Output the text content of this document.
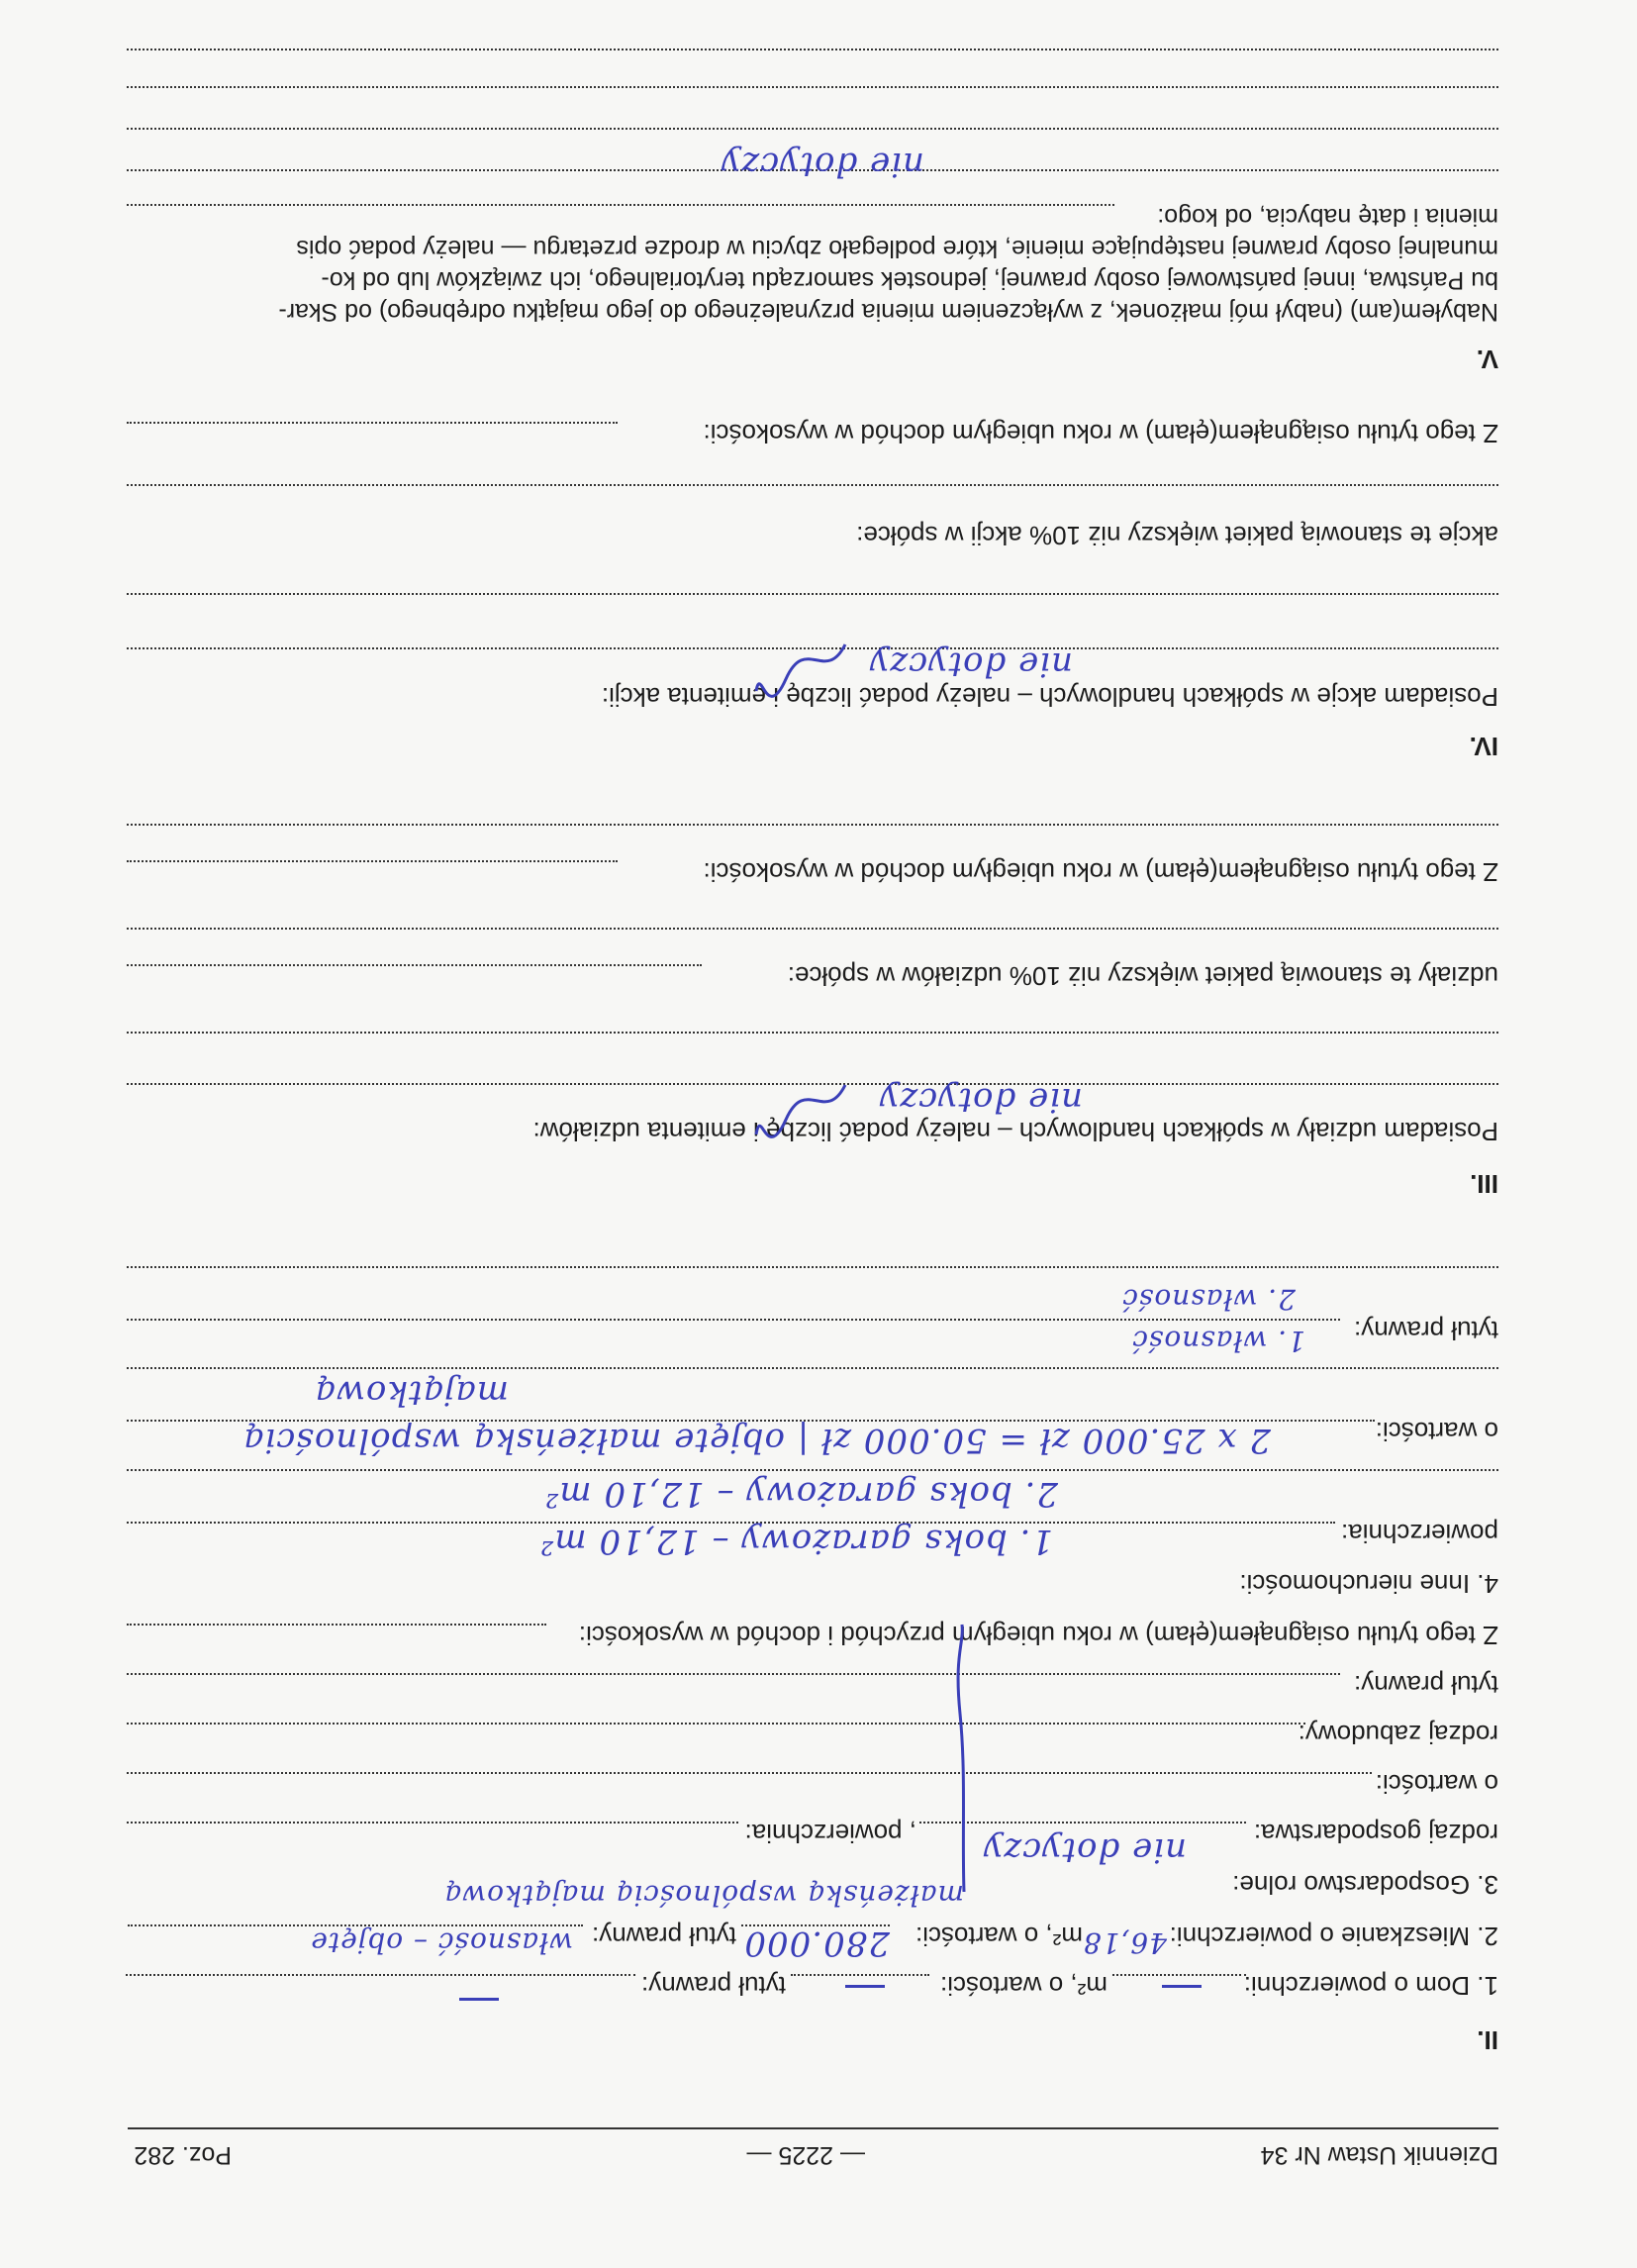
Dziennik Ustaw Nr 34
— 2225 —
Poz. 282
II.
1. Dom o powierzchni:
m², o wartości:
tytuł prawny:
2. Mieszkanie o powierzchni:
46,18
m², o wartości:
280.000
tytuł prawny:
własność – objęte
małżeńską wspólnością majątkową	3. Gospodarstwo rolne:
rodzaj gospodarstwa:
nie dotyczy
, powierzchnia:
o wartości:
rodzaj zabudowy:
tytuł prawny:
Z tego tytułu osiągnąłem(ęłam) w roku ubiegłym przychód i dochód w wysokości:
4. Inne nieruchomości:
powierzchnia:
1. boks garażowy – 12,10 m²
2. boks garażowy – 12,10 m²
o wartości:
2 x 25.000 zł = 50.000 zł | objęte małżeńską wspólnością
majątkową
tytuł prawny:
1. własność
2. własność
III.
Posiadam udziały w spółkach handlowych – należy podać liczbę i emitenta udziałów:
nie dotyczy
udziały te stanowią pakiet większy niż 10% udziałów w spółce:
Z tego tytułu osiągnąłem(ęłam) w roku ubiegłym dochód w wysokości:
IV.
Posiadam akcje w spółkach handlowych – należy podać liczbę i emitenta akcji:
nie dotyczy
akcje te stanowią pakiet większy niż 10% akcji w spółce:
Z tego tytułu osiągnąłem(ęłam) w roku ubiegłym dochód w wysokości:
V.
Nabyłem(am) (nabył mój małżonek, z wyłączeniem mienia przynależnego do jego majątku odrębnego) od Skar-
bu Państwa, innej państwowej osoby prawnej, jednostek samorządu terytorialnego, ich związków lub od ko-
munalnej osoby prawnej następujące mienie, które podlegało zbyciu w drodze przetargu — należy podać opis
mienia i datę nabycia, od kogo:
nie dotyczy
